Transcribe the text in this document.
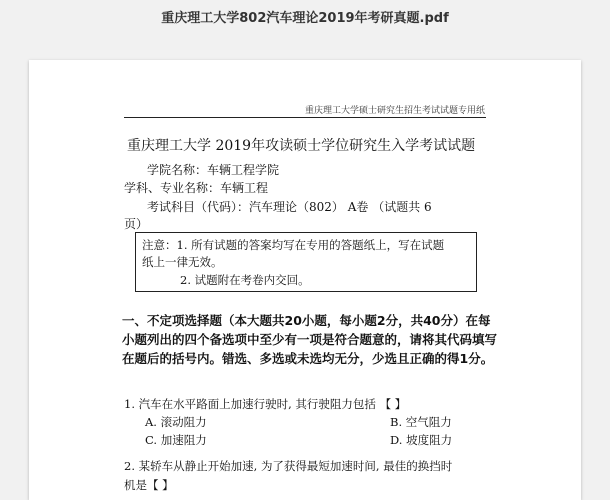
重庆理工大学802汽车理论2019年考研真题.pdf
重庆理工大学硕士研究生招生考试试题专用纸
重庆理工大学 2019年攻读硕士学位研究生入学考试试题
学院名称：车辆工程学院
学科、专业名称：车辆工程
考试科目（代码）：汽车理论（802） A卷 （试题共 6
页）
注意：1. 所有试题的答案均写在专用的答题纸上，写在试题
纸上一律无效。
2. 试题附在考卷内交回。
一、不定项选择题（本大题共20小题，每小题2分，共40分）在每小题列出的四个备选项中至少有一项是符合题意的，请将其代码填写在题后的括号内。错选、多选或未选均无分，少选且正确的得1分。
1. 汽车在水平路面上加速行驶时, 其行驶阻力包括 【 】
A. 滚动阻力	B. 空气阻力
C. 加速阻力	D. 坡度阻力
2. 某轿车从静止开始加速, 为了获得最短加速时间, 最佳的换挡时
机是【 】
